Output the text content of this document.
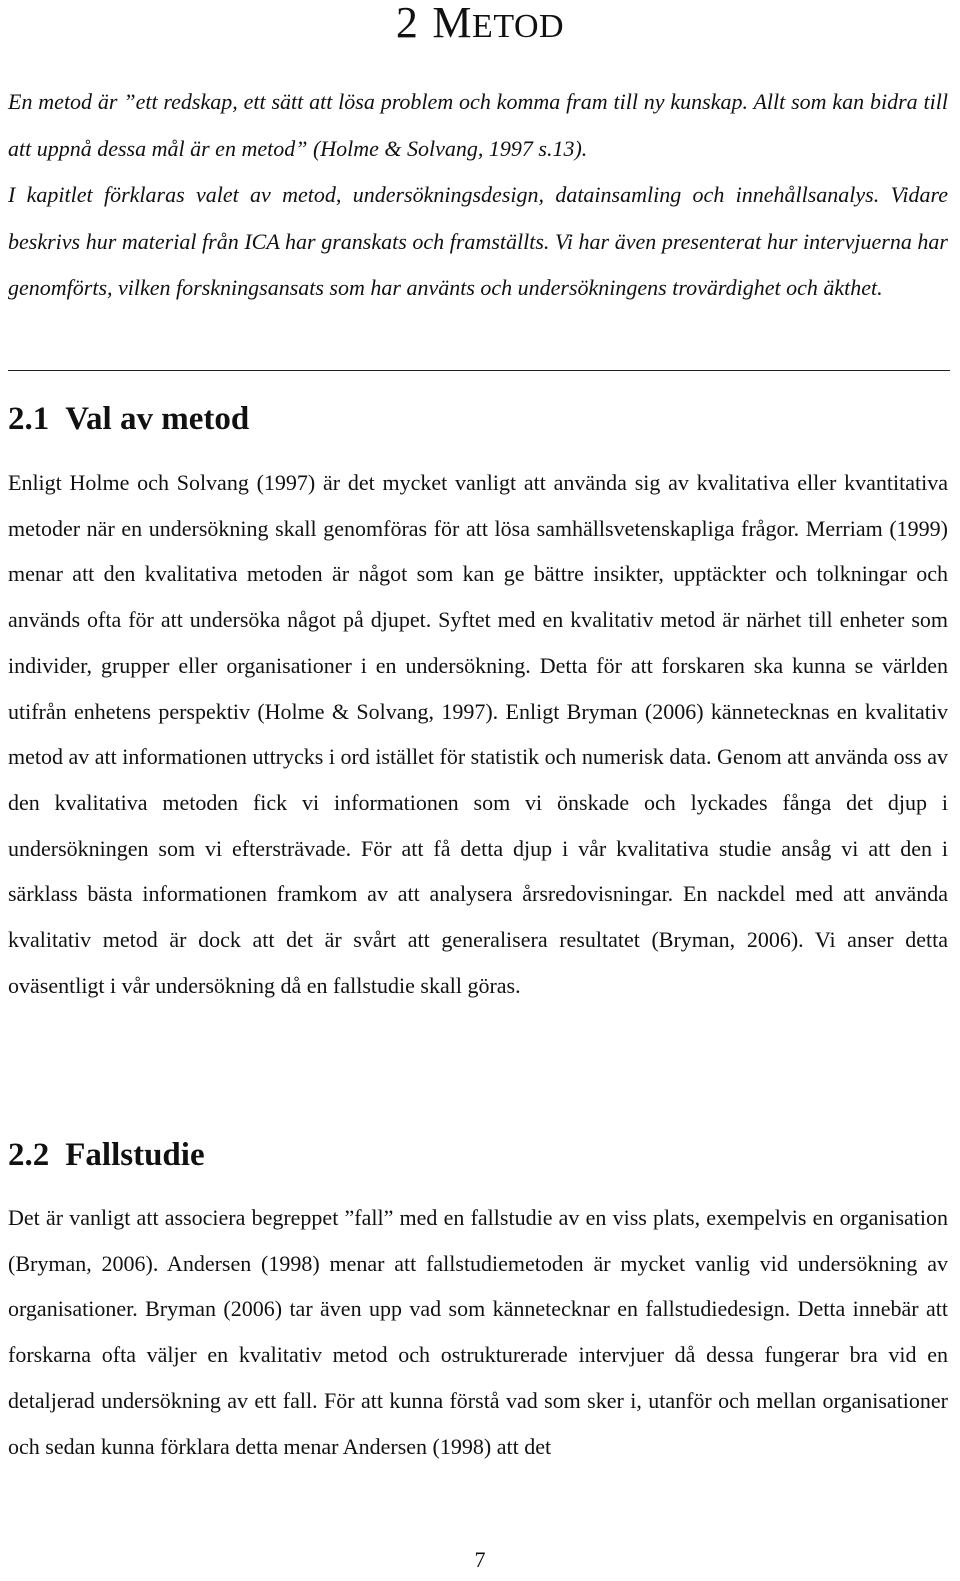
2 METOD

En metod är ”ett redskap, ett sätt att lösa problem och komma fram till ny kunskap. Allt som kan bidra till att uppnå dessa mål är en metod” (Holme & Solvang, 1997 s.13).

I kapitlet förklaras valet av metod, undersökningsdesign, datainsamling och innehållsanalys. Vidare beskrivs hur material från ICA har granskats och framställts. Vi har även presenterat hur intervjuerna har genomförts, vilken forskningsansats som har använts och undersökningens trovärdighet och äkthet.

2.1 Val av metod

Enligt Holme och Solvang (1997) är det mycket vanligt att använda sig av kvalitativa eller kvantitativa metoder när en undersökning skall genomföras för att lösa samhällsvetenskapliga frågor. Merriam (1999) menar att den kvalitativa metoden är något som kan ge bättre insikter, upptäckter och tolkningar och används ofta för att undersöka något på djupet. Syftet med en kvalitativ metod är närhet till enheter som individer, grupper eller organisationer i en undersökning. Detta för att forskaren ska kunna se världen utifrån enhetens perspektiv (Holme & Solvang, 1997). Enligt Bryman (2006) kännetecknas en kvalitativ metod av att informationen uttrycks i ord istället för statistik och numerisk data. Genom att använda oss av den kvalitativa metoden fick vi informationen som vi önskade och lyckades fånga det djup i undersökningen som vi eftersträvade. För att få detta djup i vår kvalitativa studie ansåg vi att den i särklass bästa informationen framkom av att analysera årsredovisningar. En nackdel med att använda kvalitativ metod är dock att det är svårt att generalisera resultatet (Bryman, 2006). Vi anser detta oväsentligt i vår undersökning då en fallstudie skall göras.

2.2 Fallstudie

Det är vanligt att associera begreppet ”fall” med en fallstudie av en viss plats, exempelvis en organisation (Bryman, 2006). Andersen (1998) menar att fallstudiemetoden är mycket vanlig vid undersökning av organisationer. Bryman (2006) tar även upp vad som kännetecknar en fallstudiedesign. Detta innebär att forskarna ofta väljer en kvalitativ metod och ostrukturerade intervjuer då dessa fungerar bra vid en detaljerad undersökning av ett fall. För att kunna förstå vad som sker i, utanför och mellan organisationer och sedan kunna förklara detta menar Andersen (1998) att det

7
